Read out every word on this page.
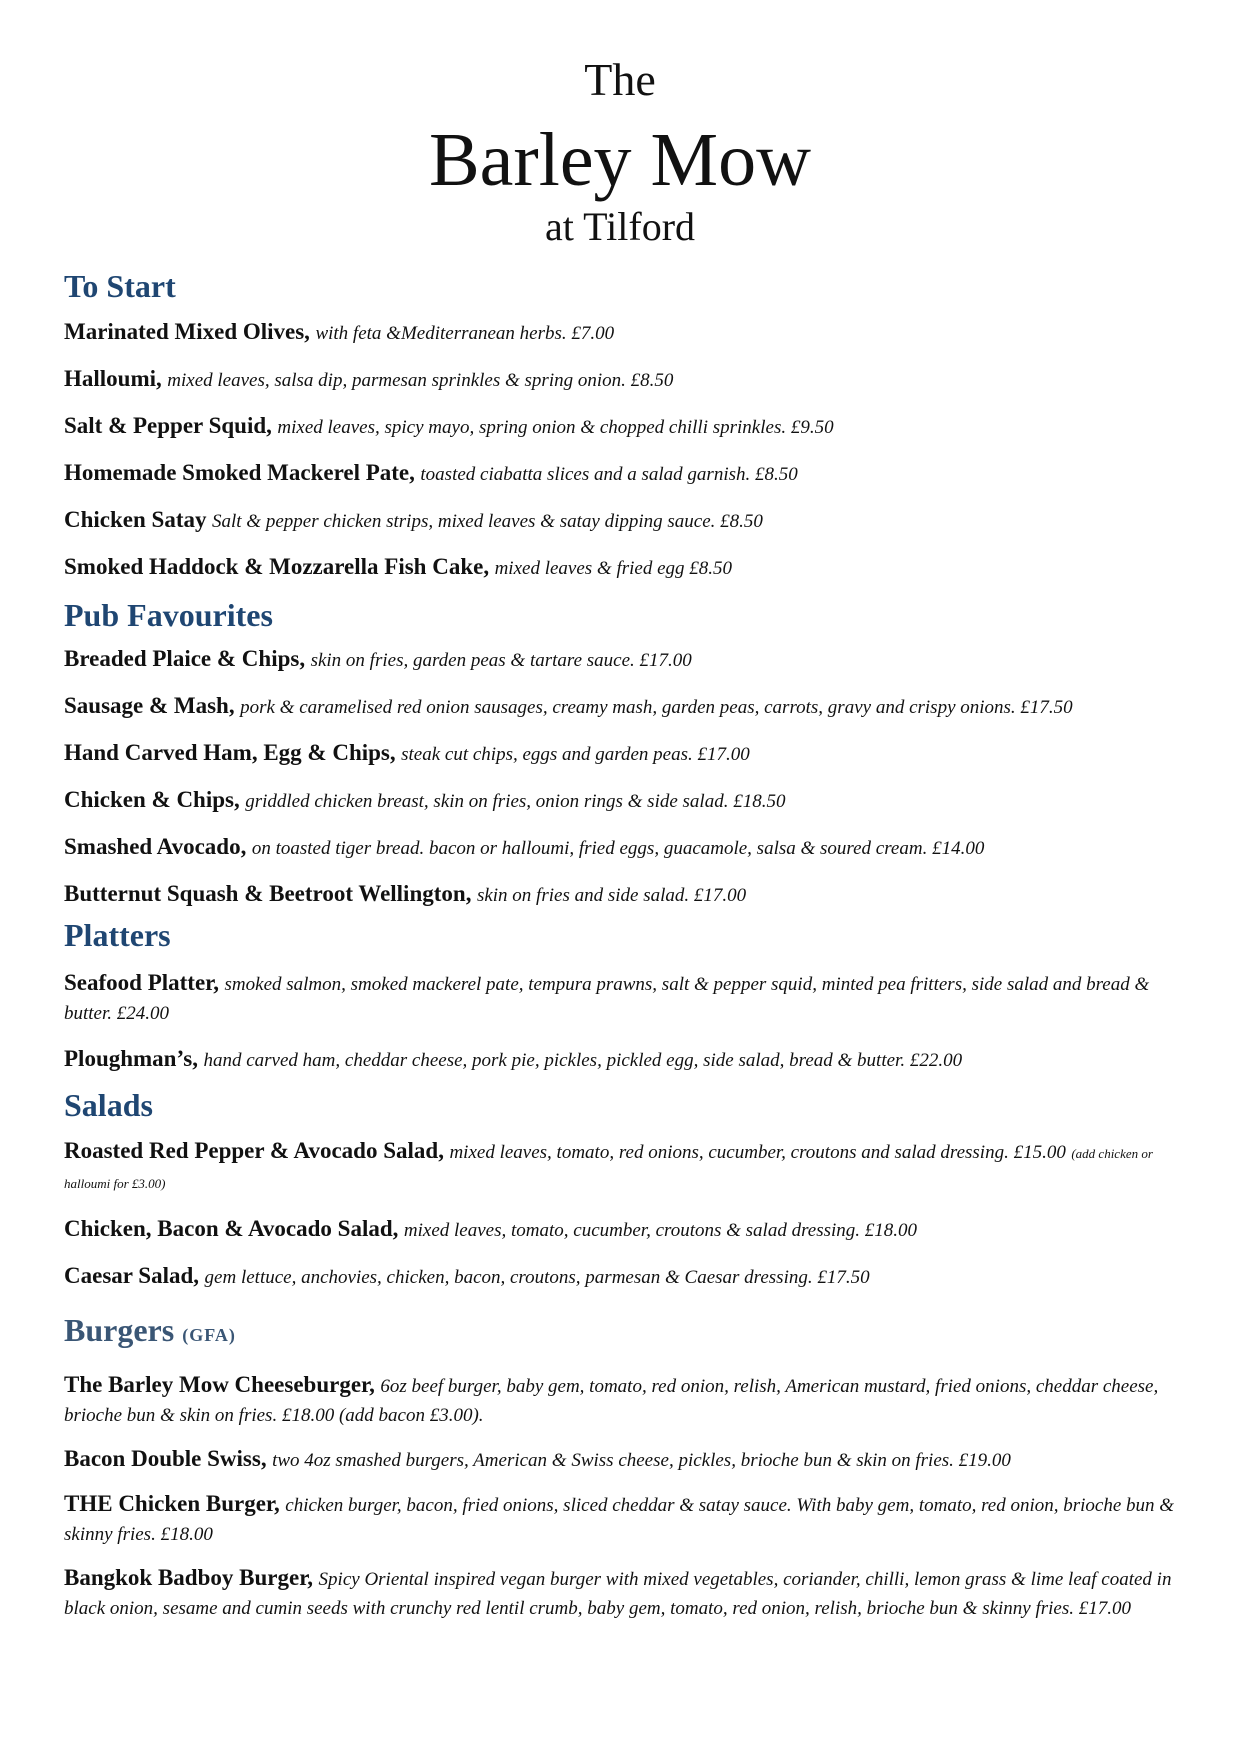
The
Barley Mow
at Tilford
To Start

Marinated Mixed Olives, with feta &Mediterranean herbs. £7.00

Halloumi, mixed leaves, salsa dip, parmesan sprinkles & spring onion. £8.50

Salt & Pepper Squid, mixed leaves, spicy mayo, spring onion & chopped chilli sprinkles. £9.50

Homemade Smoked Mackerel Pate, toasted ciabatta slices and a salad garnish. £8.50

Chicken Satay Salt & pepper chicken strips, mixed leaves & satay dipping sauce. £8.50

Smoked Haddock & Mozzarella Fish Cake, mixed leaves & fried egg £8.50

Pub Favourites

Breaded Plaice & Chips, skin on fries, garden peas & tartare sauce. £17.00

Sausage & Mash, pork & caramelised red onion sausages, creamy mash, garden peas, carrots, gravy and crispy onions. £17.50

Hand Carved Ham, Egg & Chips, steak cut chips, eggs and garden peas. £17.00

Chicken & Chips, griddled chicken breast, skin on fries, onion rings & side salad. £18.50

Smashed Avocado, on toasted tiger bread. bacon or halloumi, fried eggs, guacamole, salsa & soured cream. £14.00

Butternut Squash & Beetroot Wellington, skin on fries and side salad. £17.00

Platters

Seafood Platter, smoked salmon, smoked mackerel pate, tempura prawns, salt & pepper squid, minted pea fritters, side salad and bread & butter. £24.00

Ploughman’s, hand carved ham, cheddar cheese, pork pie, pickles, pickled egg, side salad, bread & butter. £22.00

Salads

Roasted Red Pepper & Avocado Salad, mixed leaves, tomato, red onions, cucumber, croutons and salad dressing. £15.00 (add chicken or halloumi for £3.00)

Chicken, Bacon & Avocado Salad, mixed leaves, tomato, cucumber, croutons & salad dressing. £18.00

Caesar Salad, gem lettuce, anchovies, chicken, bacon, croutons, parmesan & Caesar dressing. £17.50

Burgers (GFA)

The Barley Mow Cheeseburger, 6oz beef burger, baby gem, tomato, red onion, relish, American mustard, fried onions, cheddar cheese, brioche bun & skin on fries. £18.00 (add bacon £3.00).

Bacon Double Swiss, two 4oz smashed burgers, American & Swiss cheese, pickles, brioche bun & skin on fries. £19.00

THE Chicken Burger, chicken burger, bacon, fried onions, sliced cheddar & satay sauce. With baby gem, tomato, red onion, brioche bun & skinny fries. £18.00

Bangkok Badboy Burger, Spicy Oriental inspired vegan burger with mixed vegetables, coriander, chilli, lemon grass & lime leaf coated in black onion, sesame and cumin seeds with crunchy red lentil crumb, baby gem, tomato, red onion, relish, brioche bun & skinny fries. £17.00
